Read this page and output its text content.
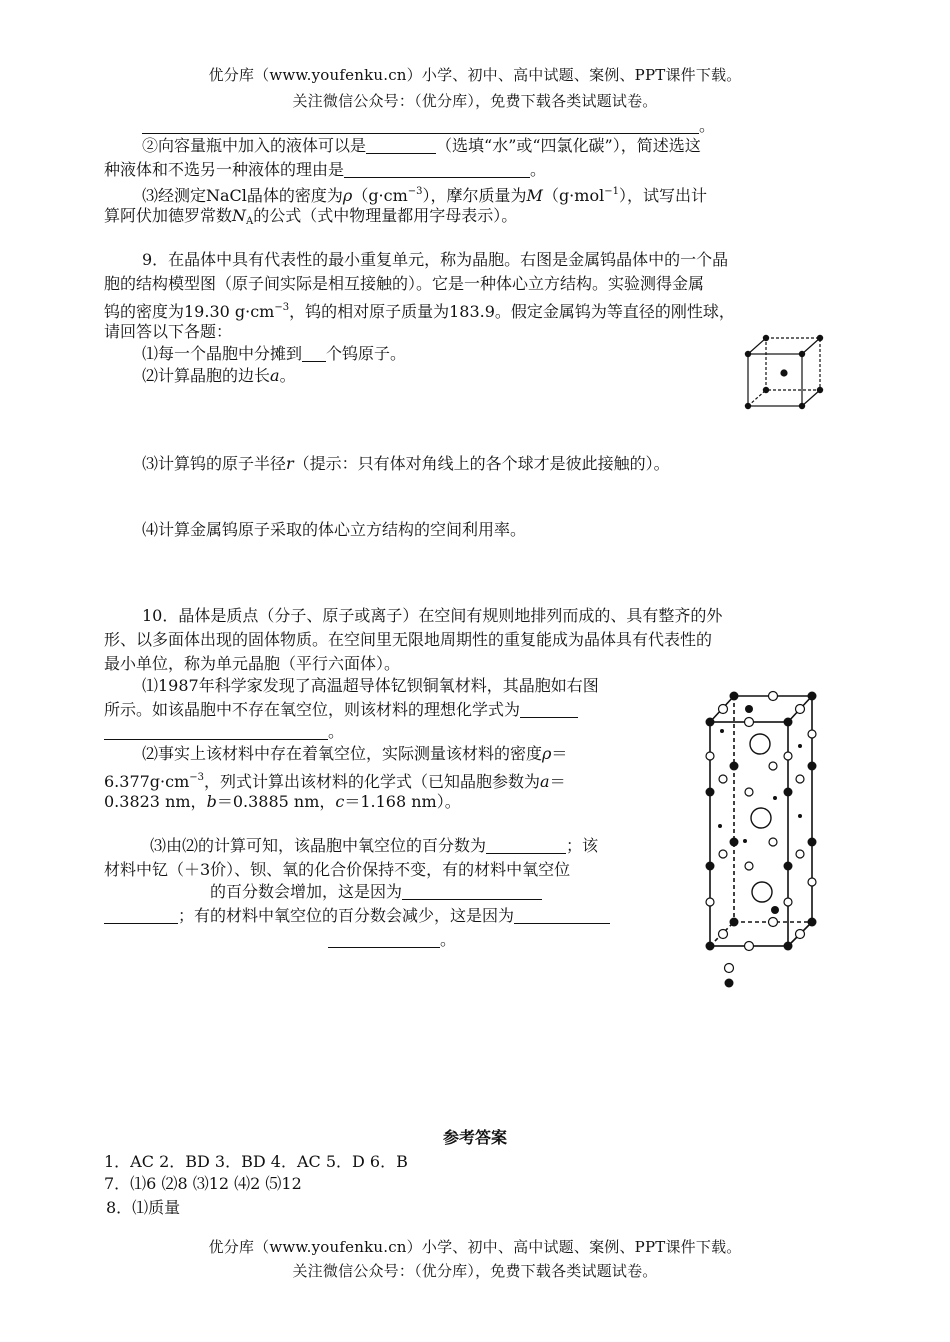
优分库（www.youfenku.cn）小学、初中、高中试题、案例、PPT课件下载。
关注微信公众号：（优分库），免费下载各类试题试卷。
。
②向容量瓶中加入的液体可以是	（选填“水”或“四氯化碳”），简述选这
种液体和不选另一种液体的理由是	。
⑶经测定NaCl晶体的密度为$\rho(g\cdot cm^{-3})$，摩尔质量为M（g·mol$^{-1}$），试写出计
算阿伏加德罗常数$N_A$的公式（式中物理量都用字母表示）。
9．在晶体中具有代表性的最小重复单元，称为晶胞。右图是金属钨晶体中的一个晶
胞的结构模型图（原子间实际是相互接触的）。它是一种体心立方结构。实验测得金属
钨的密度为19.30 $g\cdot cm^{-3}$，钨的相对原子质量为183.9。假定金属钨为等直径的刚性球，
请回答以下各题：
⑴每一个晶胞中分摊到 个钨原子。
⑵计算晶胞的边长a。
⑶计算钨的原子半径r（提示：只有体对角线上的各个球才是彼此接触的）。
⑷计算金属钨原子采取的体心立方结构的空间利用率。
10．晶体是质点（分子、原子或离子）在空间有规则地排列而成的、具有整齐的外
形、以多面体出现的固体物质。在空间里无限地周期性的重复能成为晶体具有代表性的
最小单位，称为单元晶胞（平行六面体）。
⑴1987年科学家发现了高温超导体钇钡铜氧材料，其晶胞如右图
所示。如该晶胞中不存在氧空位，则该材料的理想化学式为
。
⑵事实上该材料中存在着氧空位，实际测量该材料的密度ρ＝
$6.377g\cdot cm^{-3}$，列式计算出该材料的化学式（已知晶胞参数为a＝
0.3823 nm，b＝0.3885 nm，c＝1.168 nm）。
⑶由⑵的计算可知，该晶胞中氧空位的百分数为	；该
材料中钇（＋3价）、钡、氧的化合价保持不变，有的材料中氧空位
的百分数会增加，这是因为
；有的材料中氧空位的百分数会减少，这是因为
。
参考答案
1．AC 2．BD 3．BD 4．AC 5．D 6．B
7．⑴6 ⑵8 ⑶12 ⑷2 ⑸12
8．⑴质量
优分库（www.youfenku.cn）小学、初中、高中试题、案例、PPT课件下载。
关注微信公众号：（优分库），免费下载各类试题试卷。
